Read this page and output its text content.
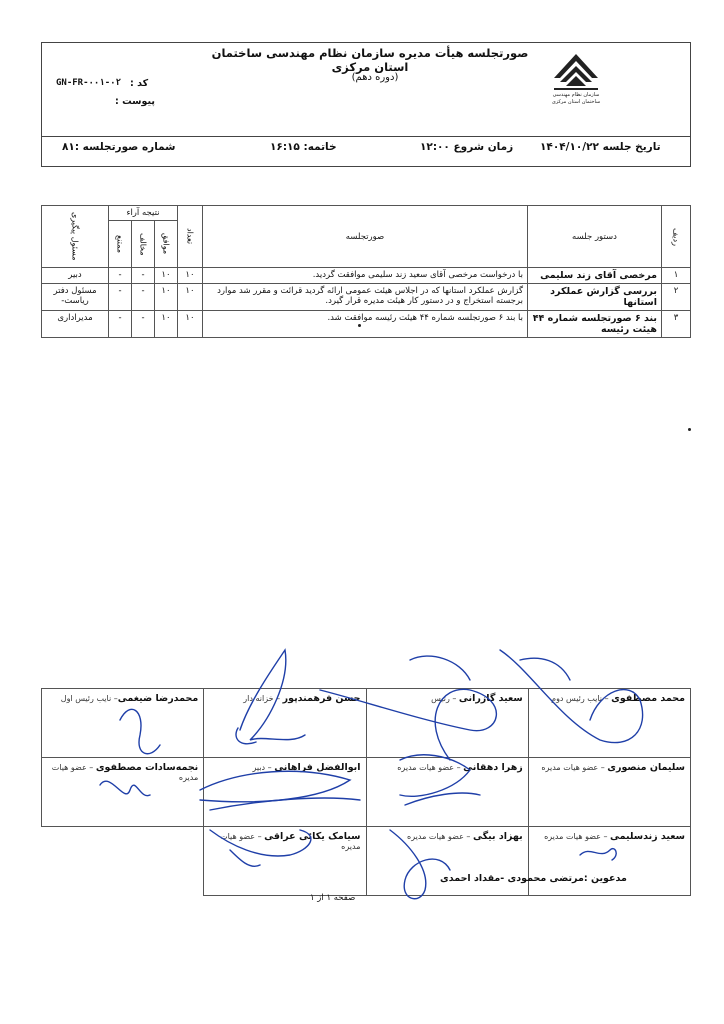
صورتجلسه هیأت مدیره سازمان نظام مهندسی ساختمان استان مرکزی
(دوره دهم)
سازمان نظام مهندسی ساختمان استان مرکزی
کد :
GN-FR-۰۰۱-۰۲
پیوست :
تاریخ جلسه ۱۴۰۴/۱۰/۲۲
زمان شروع ۱۲:۰۰
خاتمه: ۱۶:۱۵
شماره صورتجلسه :۸۱
ردیف	دستور جلسه	صورتجلسه	تعداد	نتیجه آراء			مسئول پیگیری
				موافق	مخالف	ممتنع	
۱	مرخصی آقای زند سلیمی	با درخواست مرخصی آقای سعید زند سلیمی موافقت گردید.	۱۰	۱۰	-	-	دبیر
۲	بررسی گزارش عملکرد استانها	گزارش عملکرد استانها که در اجلاس هیئت عمومی ارائه گردید قرائت و مقرر شد موارد برجسته استخراج و در دستور کار هیئت مدیره قرار گیرد.	۱۰	۱۰	-	-	مسئول دفتر ریاست-
۳	بند ۶ صورتجلسه شماره ۴۴ هیئت رئیسه	با بند ۶ صورتجلسه شماره ۴۴ هیئت رئیسه موافقت شد.	۱۰	۱۰	-	-	مدیراداری
محمد مصطفوی – نایب رئیس دوم	سعید گازرانی – رئیس	حسن فرهمندپور – خزانه دار	محمدرضا ضیغمی– نایب رئیس اول
سلیمان منصوری – عضو هیات مدیره	زهرا دهقانی – عضو هیات مدیره	ابوالفضل فراهانی – دبیر	نجمه‌سادات مصطفوی – عضو هیات مدیره
سعید زندسلیمی – عضو هیات مدیره	بهزاد بیگی – عضو هیات مدیره	سیامک یکائی عراقی – عضو هیات مدیره	
مدعوین :مرتضی محمودی -مقداد احمدی
صفحه ۱ از ۱
